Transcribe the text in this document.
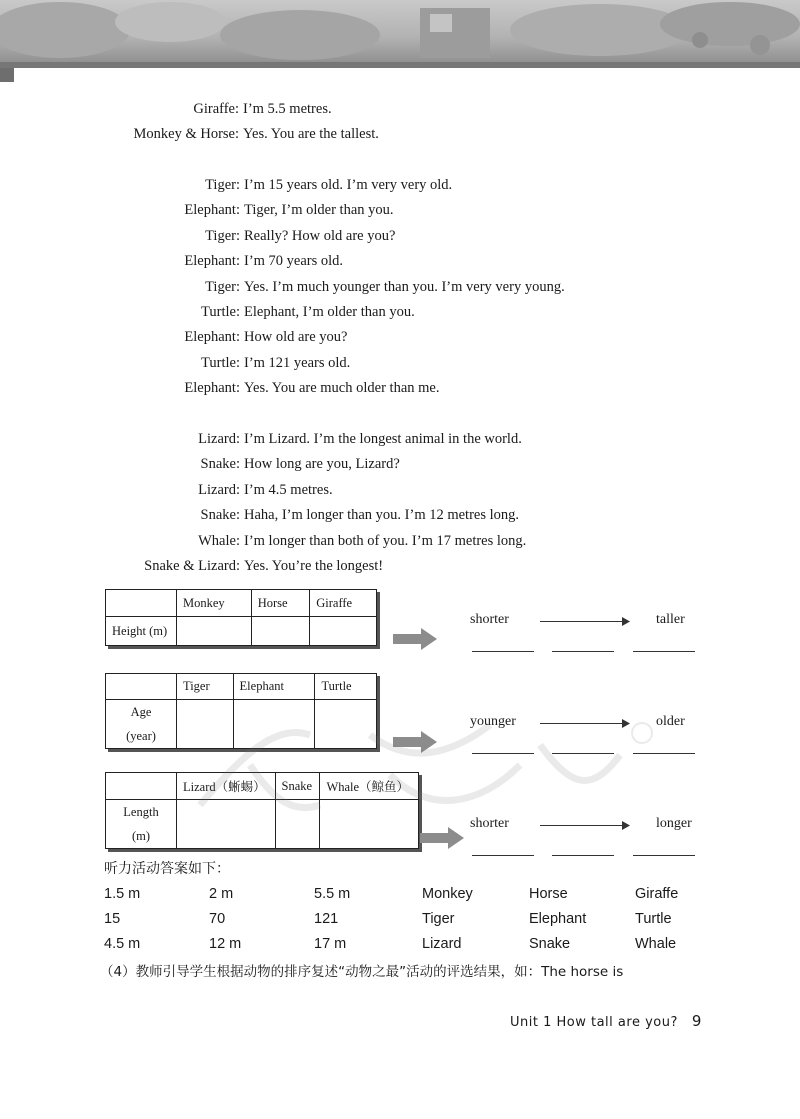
Giraffe: I’m 5.5 metres.
Monkey & Horse: Yes. You are the tallest.
Tiger: I’m 15 years old. I’m very very old.
Elephant: Tiger, I’m older than you.
Tiger: Really? How old are you?
Elephant: I’m 70 years old.
Tiger: Yes. I’m much younger than you. I’m very very young.
Turtle: Elephant, I’m older than you.
Elephant: How old are you?
Turtle: I’m 121 years old.
Elephant: Yes. You are much older than me.
Lizard: I’m Lizard. I’m the longest animal in the world.
Snake: How long are you, Lizard?
Lizard: I’m 4.5 metres.
Snake: Haha, I’m longer than you. I’m 12 metres long.
Whale: I’m longer than both of you. I’m 17 metres long.
Snake & Lizard: Yes. You’re the longest!
	Monkey	Horse	Giraffe
Height (m)			
	Tiger	Elephant	Turtle
Age
(year)			
	Lizard（蜥蜴）	Snake	Whale（鲸鱼）
Length
(m)			
shorter	taller
younger	older
shorter	longer
听力活动答案如下：
1.5 m	2 m	5.5 m	Monkey	Horse	Giraffe
15	70	121	Tiger	Elephant	Turtle
4.5 m	12 m	17 m	Lizard	Snake	Whale
（4）教师引导学生根据动物的排序复述“动物之最”活动的评选结果，如：The horse is
Unit 1 How tall are you? 9
